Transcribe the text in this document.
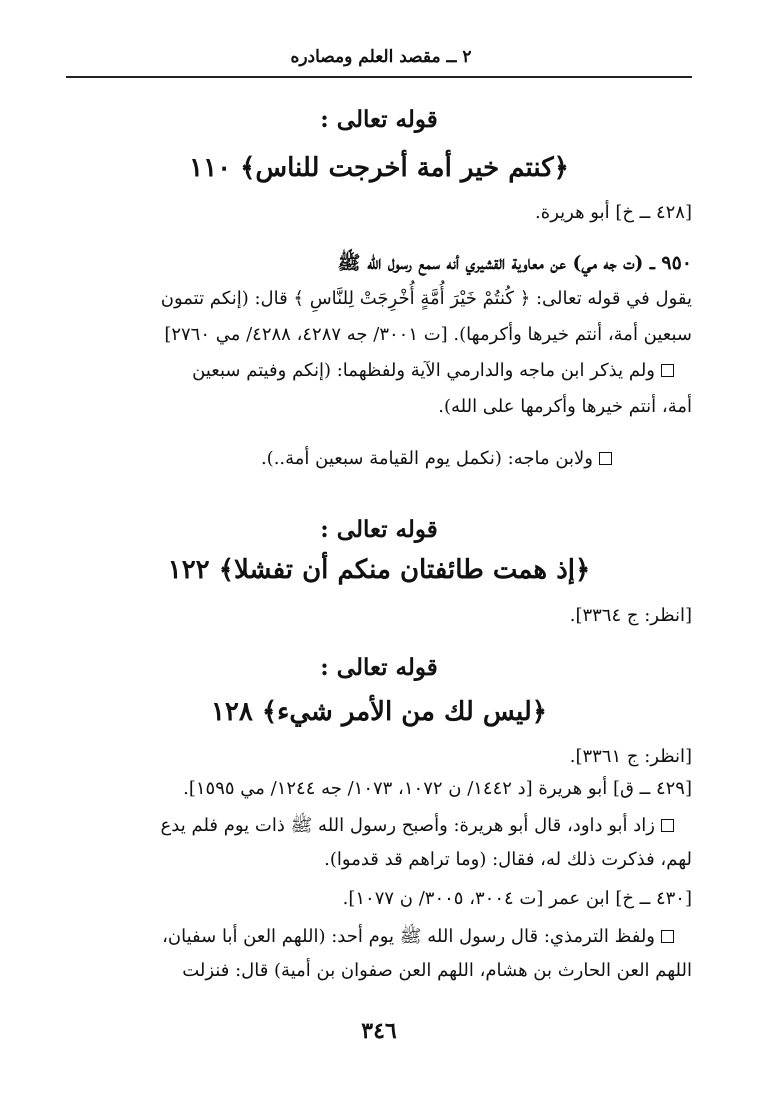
٢ ــ مقصد العلم ومصادره
قوله تعالى :
﴿كنتم خير أمة أخرجت للناس﴾ ١١٠
[٤٢٨ ــ خ] أبو هريرة.
٩٥٠ ــ (ت جه مي) عن معاوية القشيري أنه سمع رسول الله ﷺ
يقول في قوله تعالى: ﴿ كُنتُمْ خَيْرَ أُمَّةٍ أُخْرِجَتْ لِلنَّاسِ ﴾ قال: (إنكم تتمون
سبعين أمة، أنتم خيرها وأكرمها). [ت ٣٠٠١/ جه ٤٢٨٧، ٤٢٨٨/ مي ٢٧٦٠]
ولم يذكر ابن ماجه والدارمي الآية ولفظهما: (إنكم وفيتم سبعين
أمة، أنتم خيرها وأكرمها على الله).
ولابن ماجه: (نكمل يوم القيامة سبعين أمة..).
قوله تعالى :
﴿إذ همت طائفتان منكم أن تفشلا﴾ ١٢٢
[انظر: ج ٣٣٦٤].
قوله تعالى :
﴿ليس لك من الأمر شيء﴾ ١٢٨
[انظر: ج ٣٣٦١].
[٤٢٩ ــ ق] أبو هريرة [د ١٤٤٢/ ن ١٠٧٢، ١٠٧٣/ جه ١٢٤٤/ مي ١٥٩٥].
زاد أبو داود، قال أبو هريرة: وأصبح رسول الله ﷺ ذات يوم فلم يدع
لهم، فذكرت ذلك له، فقال: (وما تراهم قد قدموا).
[٤٣٠ ــ خ] ابن عمر [ت ٣٠٠٤، ٣٠٠٥/ ن ١٠٧٧].
ولفظ الترمذي: قال رسول الله ﷺ يوم أحد: (اللهم العن أبا سفيان،
اللهم العن الحارث بن هشام، اللهم العن صفوان بن أمية) قال: فنزلت
٣٤٦
